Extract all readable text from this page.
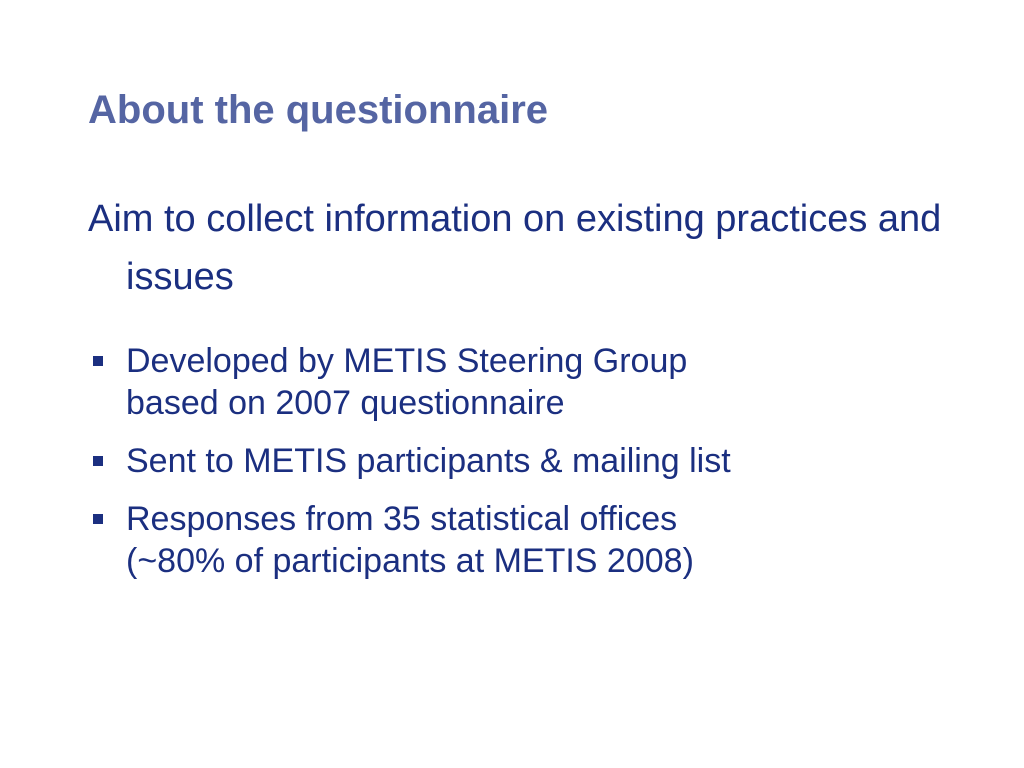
About the questionnaire
Aim to collect information on existing practices and issues
Developed by METIS Steering Group
based on 2007 questionnaire
Sent to METIS participants & mailing list
Responses from 35 statistical offices
(~80% of participants at METIS 2008)
